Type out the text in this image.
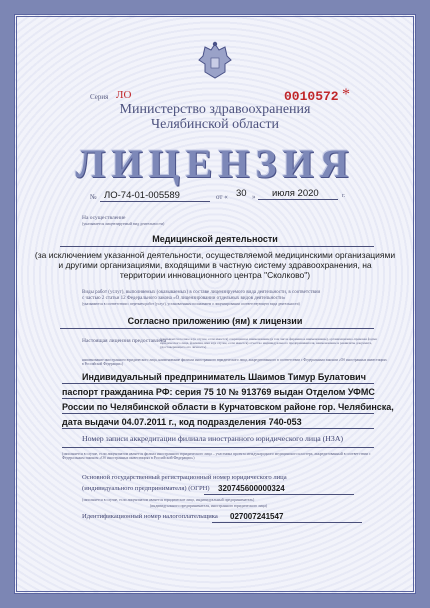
Серия ЛО	0010572 *
Министерство здравоохранения
Челябинской области
ЛИЦЕНЗИЯ
№ ЛО-74-01-005589	от « 30 » июля 2020	г.
На осуществление
(указывается лицензируемый вид деятельности)
Медицинской деятельности
(за исключением указанной деятельности, осуществляемой медицинскими организациями
и другими организациями, входящими в частную систему здравоохранения, на
территории инновационного центра "Сколково")
Виды работ (услуг), выполняемых (оказываемых) в составе лицензируемого вида деятельности, в соответствии
с частью 2 статьи 12 Федерального закона «О лицензировании отдельных видов деятельности»
(указываются в соответствии с перечнем работ (услуг), установленным положением о лицензировании соответствующего вида деятельности)
Согласно приложению (ям) к лицензии
Настоящая лицензия предоставлена
(указывается полное и (в случае, если имеется) сокращенное наименование (в том числе фирменное наименование), организационно-правовая форма юридического лица, фамилия, имя и (в случае, если имеется) отчество индивидуального предпринимателя, наименование и реквизиты документа, удостоверяющего его личность)
наименование иностранного юридического лица, наименование филиала иностранного юридического лица, аккредитованного в соответствии с Федеральным законом «Об иностранных инвестициях в Российской Федерации»)
Индивидуальный предприниматель Шаимов Тимур Булатович
паспорт гражданина РФ: серия 75 10 № 913769 выдан Отделом УФМС
России по Челябинской области в Курчатовском районе гор. Челябинска,
дата выдачи 04.07.2011 г., код подразделения 740-053
Номер записи аккредитации филиала иностранного юридического лица (НЗА)
(заполняется в случае, если лицензиатом является филиал иностранного юридического лица – участника проекта международного медицинского кластера, аккредитованный в соответствии с Федеральным законом «Об иностранных инвестициях в Российской Федерации»)
Основной государственный регистрационный номер юридического лица
(индивидуального предпринимателя) (ОГРН) 320745600000324
(заполняется в случае, если лицензиатом является юридическое лицо, индивидуальный предприниматель)
(индивидуального предпринимателя, иностранного юридического лица)
Идентификационный номер налогоплательщика 027007241547
